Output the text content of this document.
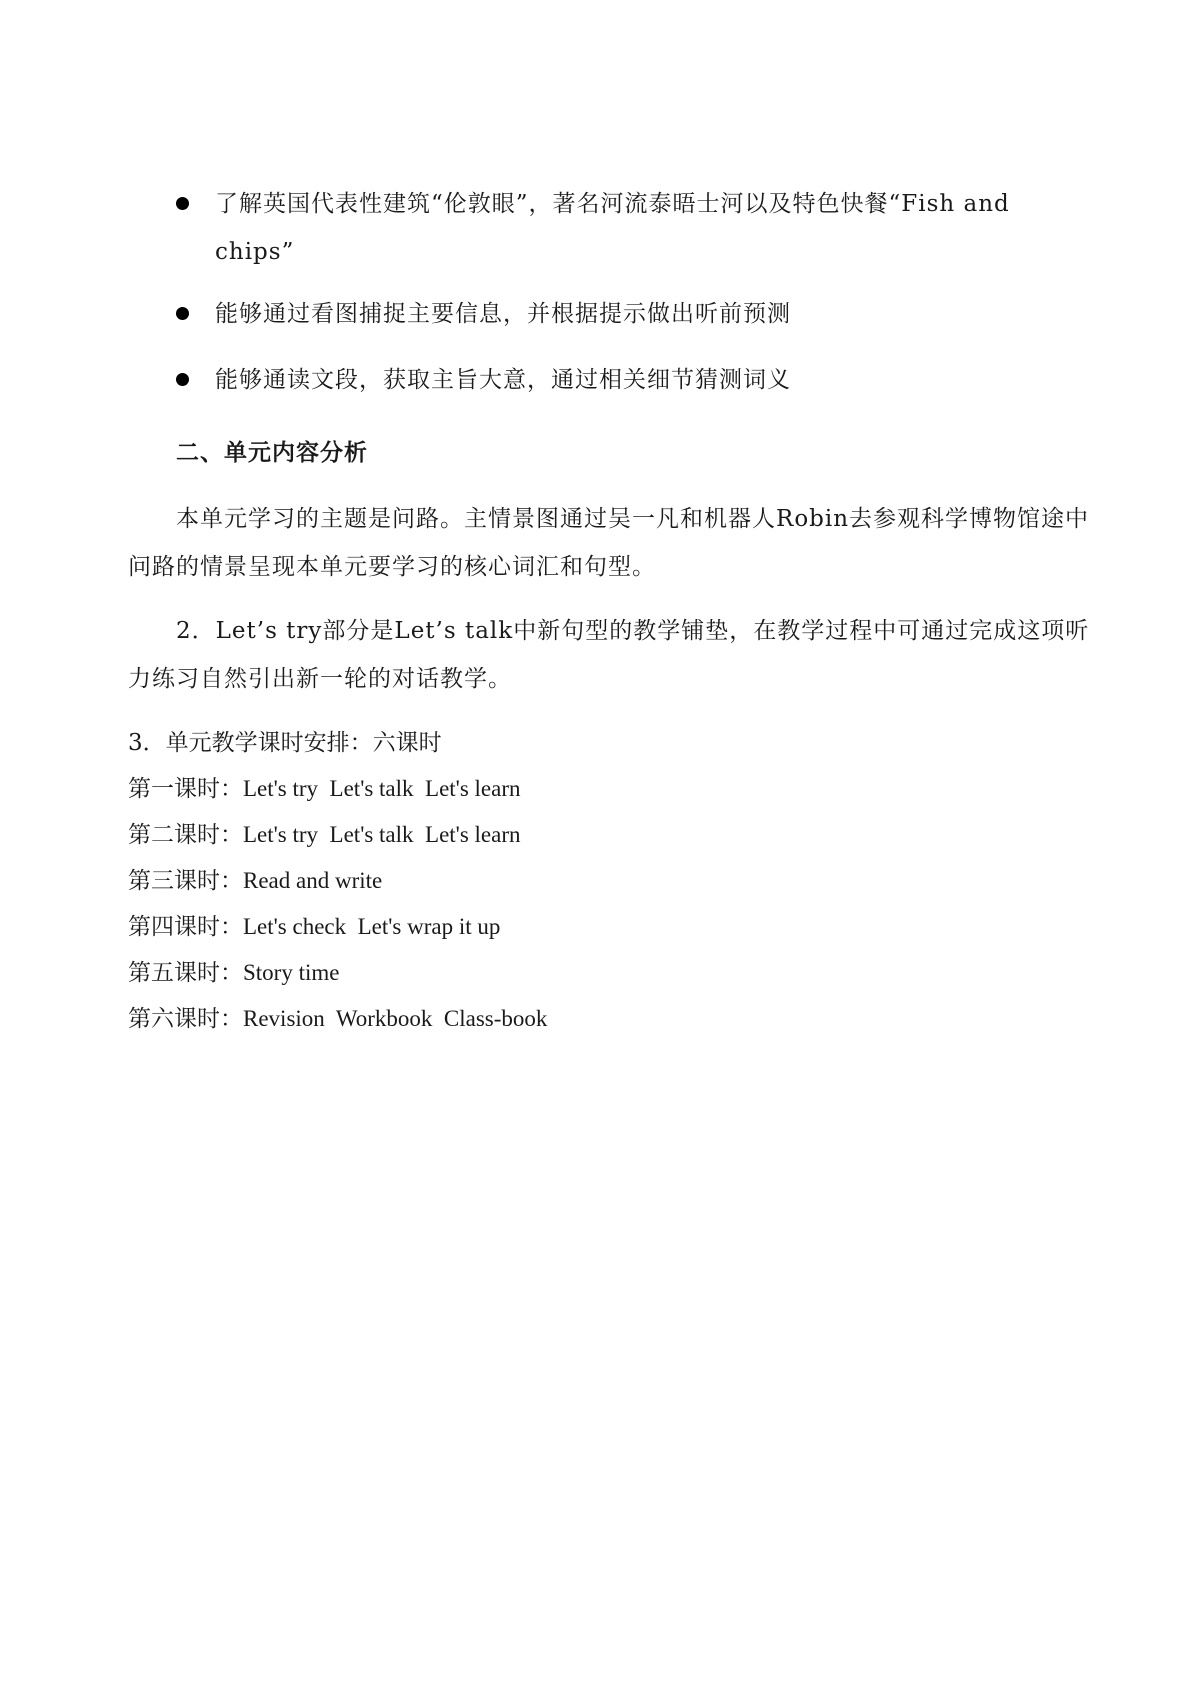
了解英国代表性建筑“伦敦眼”，著名河流泰晤士河以及特色快餐“Fish and chips”
能够通过看图捕捉主要信息，并根据提示做出听前预测
能够通读文段，获取主旨大意，通过相关细节猜测词义
二、单元内容分析
本单元学习的主题是问路。主情景图通过吴一凡和机器人Robin去参观科学博物馆途中问路的情景呈现本单元要学习的核心词汇和句型。
2．Let’s try部分是Let’s talk中新句型的教学铺垫，在教学过程中可通过完成这项听力练习自然引出新一轮的对话教学。
3．单元教学课时安排：六课时
第一课时：Let's try  Let's talk  Let's learn
第二课时：Let's try  Let's talk  Let's learn
第三课时：Read and write
第四课时：Let's check  Let's wrap it up
第五课时：Story time
第六课时：Revision  Workbook  Class-book
